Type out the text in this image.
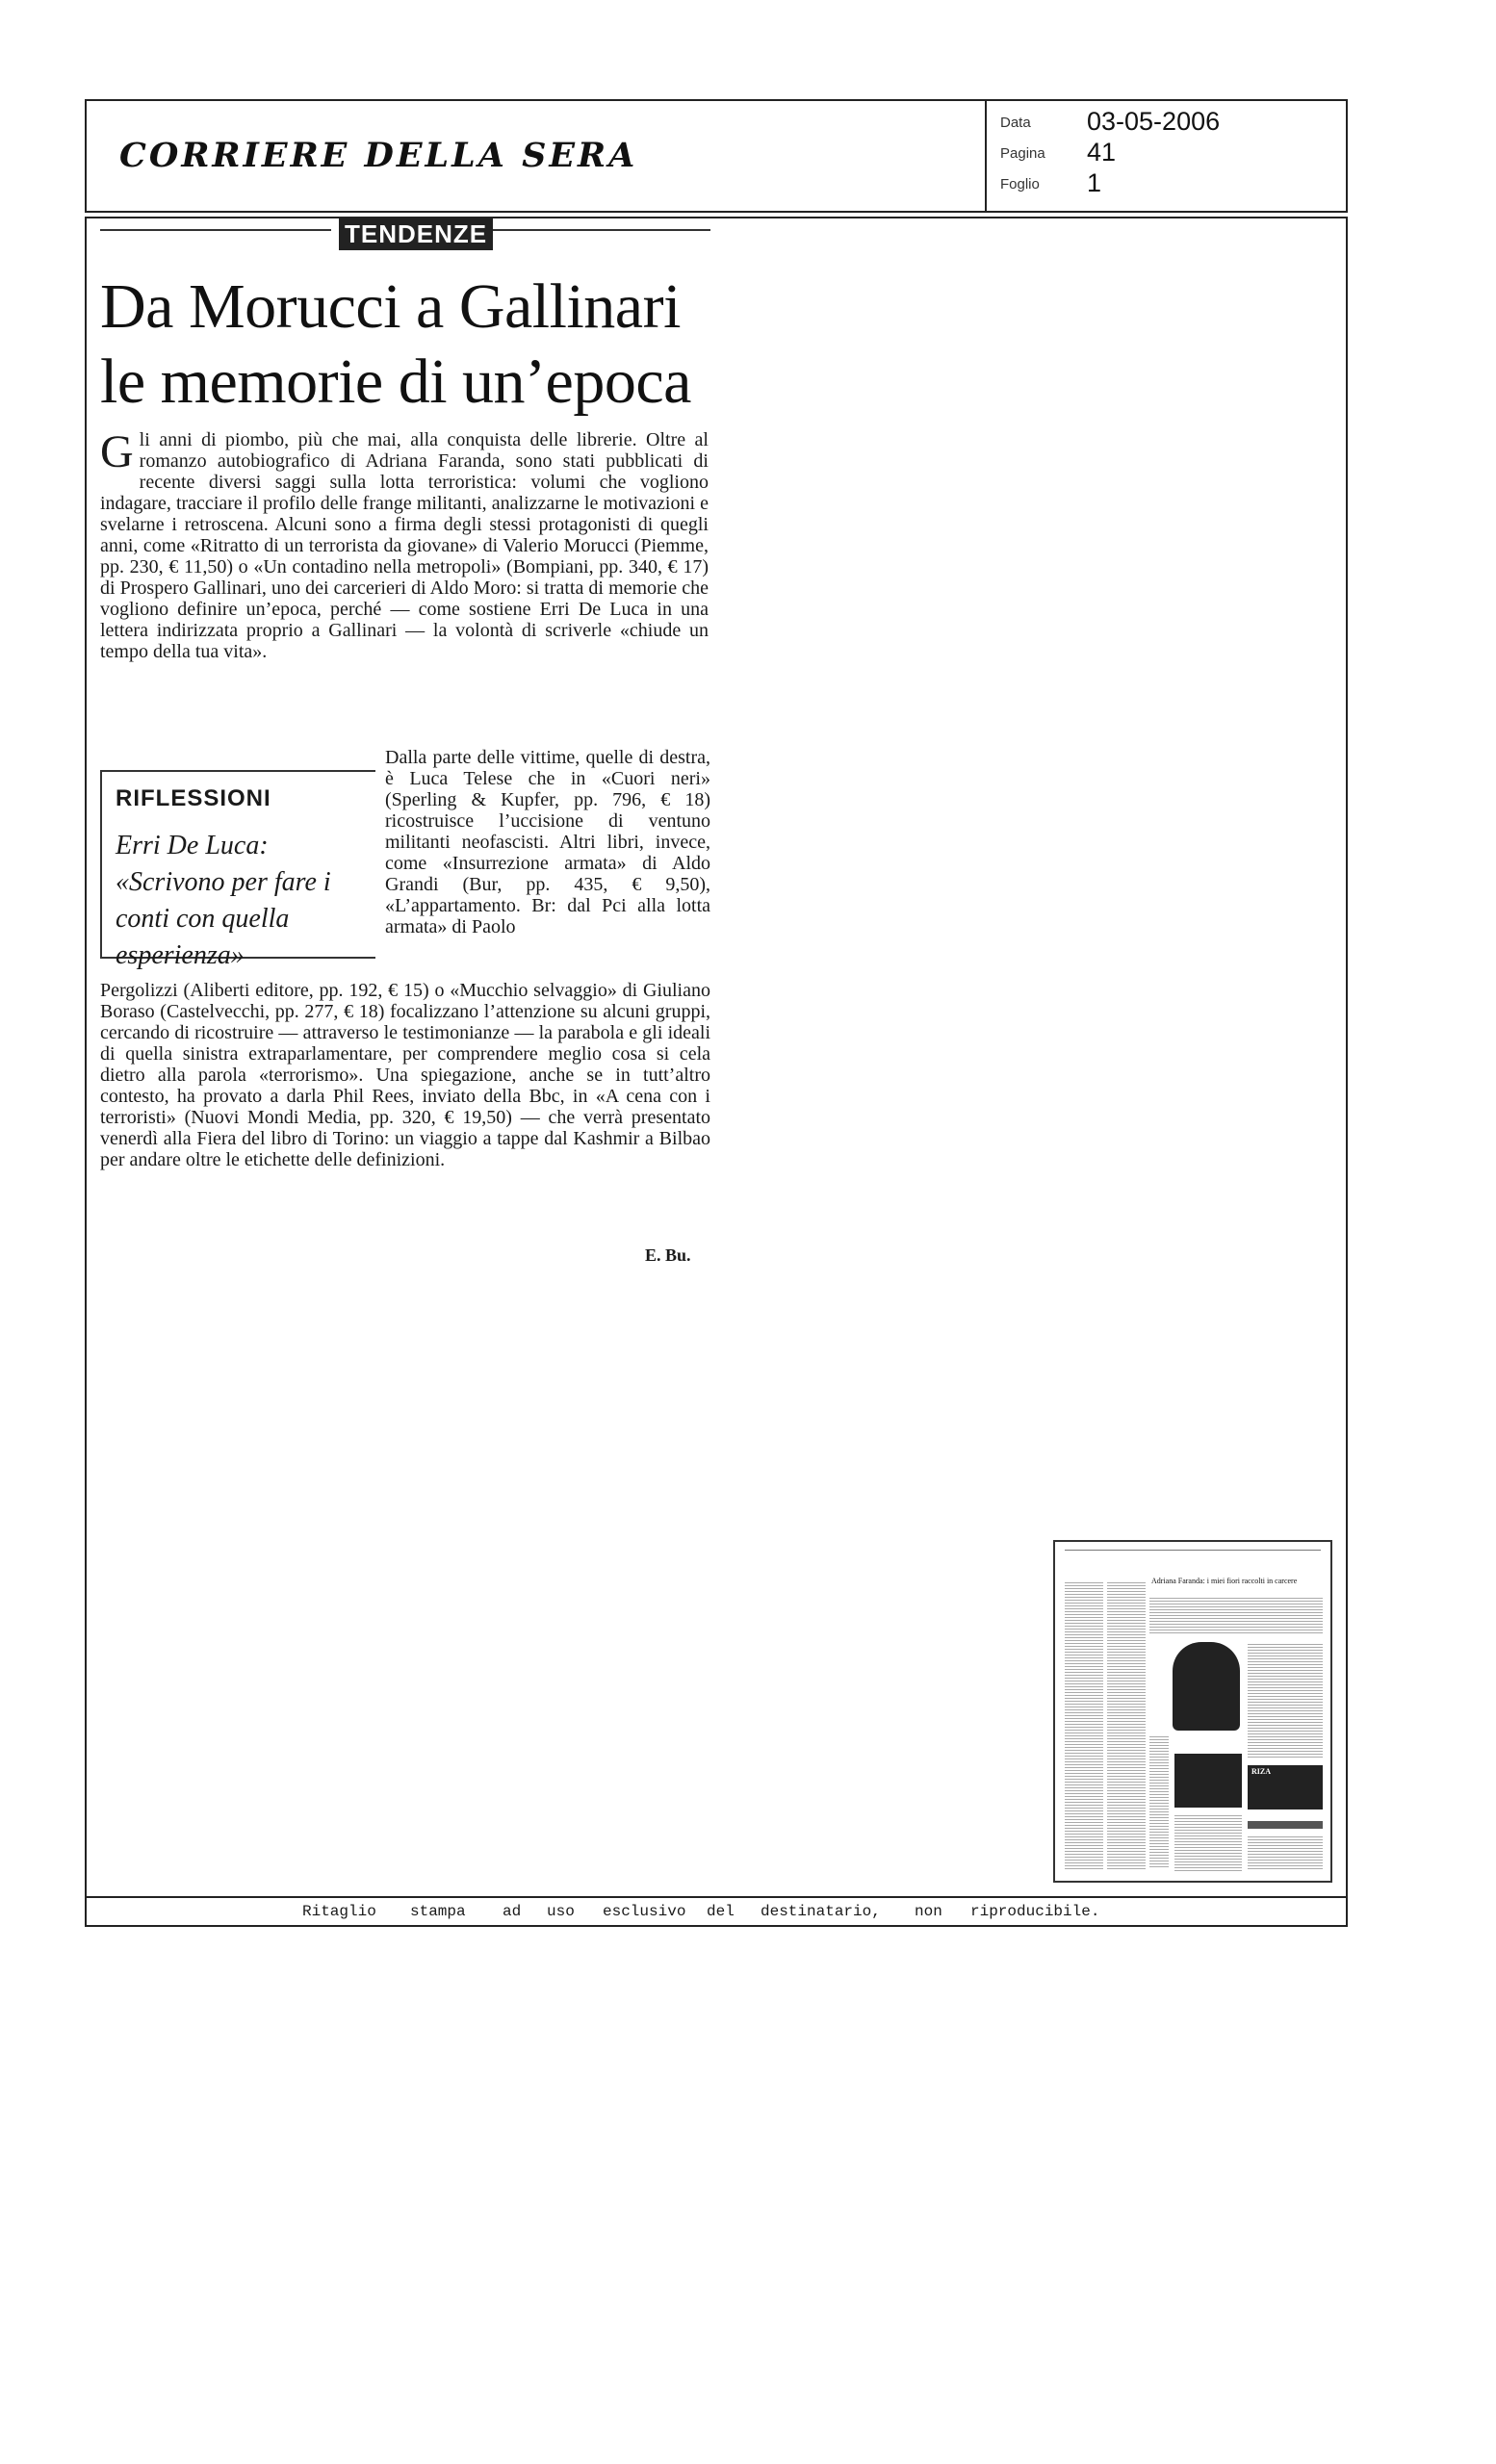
CORRIERE DELLA SERA
Data 03-05-2006
Pagina 41
Foglio 1
TENDENZE
Da Morucci a Gallinari
le memorie di un’epoca
G li anni di piombo, più che mai, alla conquista delle librerie. Oltre al romanzo autobiografico di Adriana Faranda, sono stati pubblicati di recente diversi saggi sulla lotta terroristica: volumi che vogliono indagare, tracciare il profilo delle frange militanti, analizzarne le motivazioni e svelarne i retroscena. Alcuni sono a firma degli stessi protagonisti di quegli anni, come «Ritratto di un terrorista da giovane» di Valerio Morucci (Piemme, pp. 230, € 11,50) o «Un contadino nella metropoli» (Bompiani, pp. 340, € 17) di Prospero Gallinari, uno dei carcerieri di Aldo Moro: si tratta di memorie che vogliono definire un’epoca, perché — come sostiene Erri De Luca in una lettera indirizzata proprio a Gallinari — la volontà di scriverle «chiude un tempo della tua vita».
RIFLESSIONI
Erri De Luca: «Scrivono per fare i conti con quella esperienza»
Dalla parte delle vittime, quelle di destra, è Luca Telese che in «Cuori neri» (Sperling & Kupfer, pp. 796, € 18) ricostruisce l’uccisione di ventuno militanti neofascisti. Altri libri, invece, come «Insurrezione armata» di Aldo Grandi (Bur, pp. 435, € 9,50), «L’appartamento. Br: dal Pci alla lotta armata» di Paolo
Pergolizzi (Aliberti editore, pp. 192, € 15) o «Mucchio selvaggio» di Giuliano Boraso (Castelvecchi, pp. 277, € 18) focalizzano l’attenzione su alcuni gruppi, cercando di ricostruire — attraverso le testimonianze — la parabola e gli ideali di quella sinistra extraparlamentare, per comprendere meglio cosa si cela dietro alla parola «terrorismo». Una spiegazione, anche se in tutt’altro contesto, ha provato a darla Phil Rees, inviato della Bbc, in «A cena con i terroristi» (Nuovi Mondi Media, pp. 320, € 19,50) — che verrà presentato venerdì alla Fiera del libro di Torino: un viaggio a tappe dal Kashmir a Bilbao per andare oltre le etichette delle definizioni.
E. Bu.
Adriana Faranda: i miei fiori raccolti in carcere
RIZA
Ritaglio stampa ad uso esclusivo del destinatario, non riproducibile.
